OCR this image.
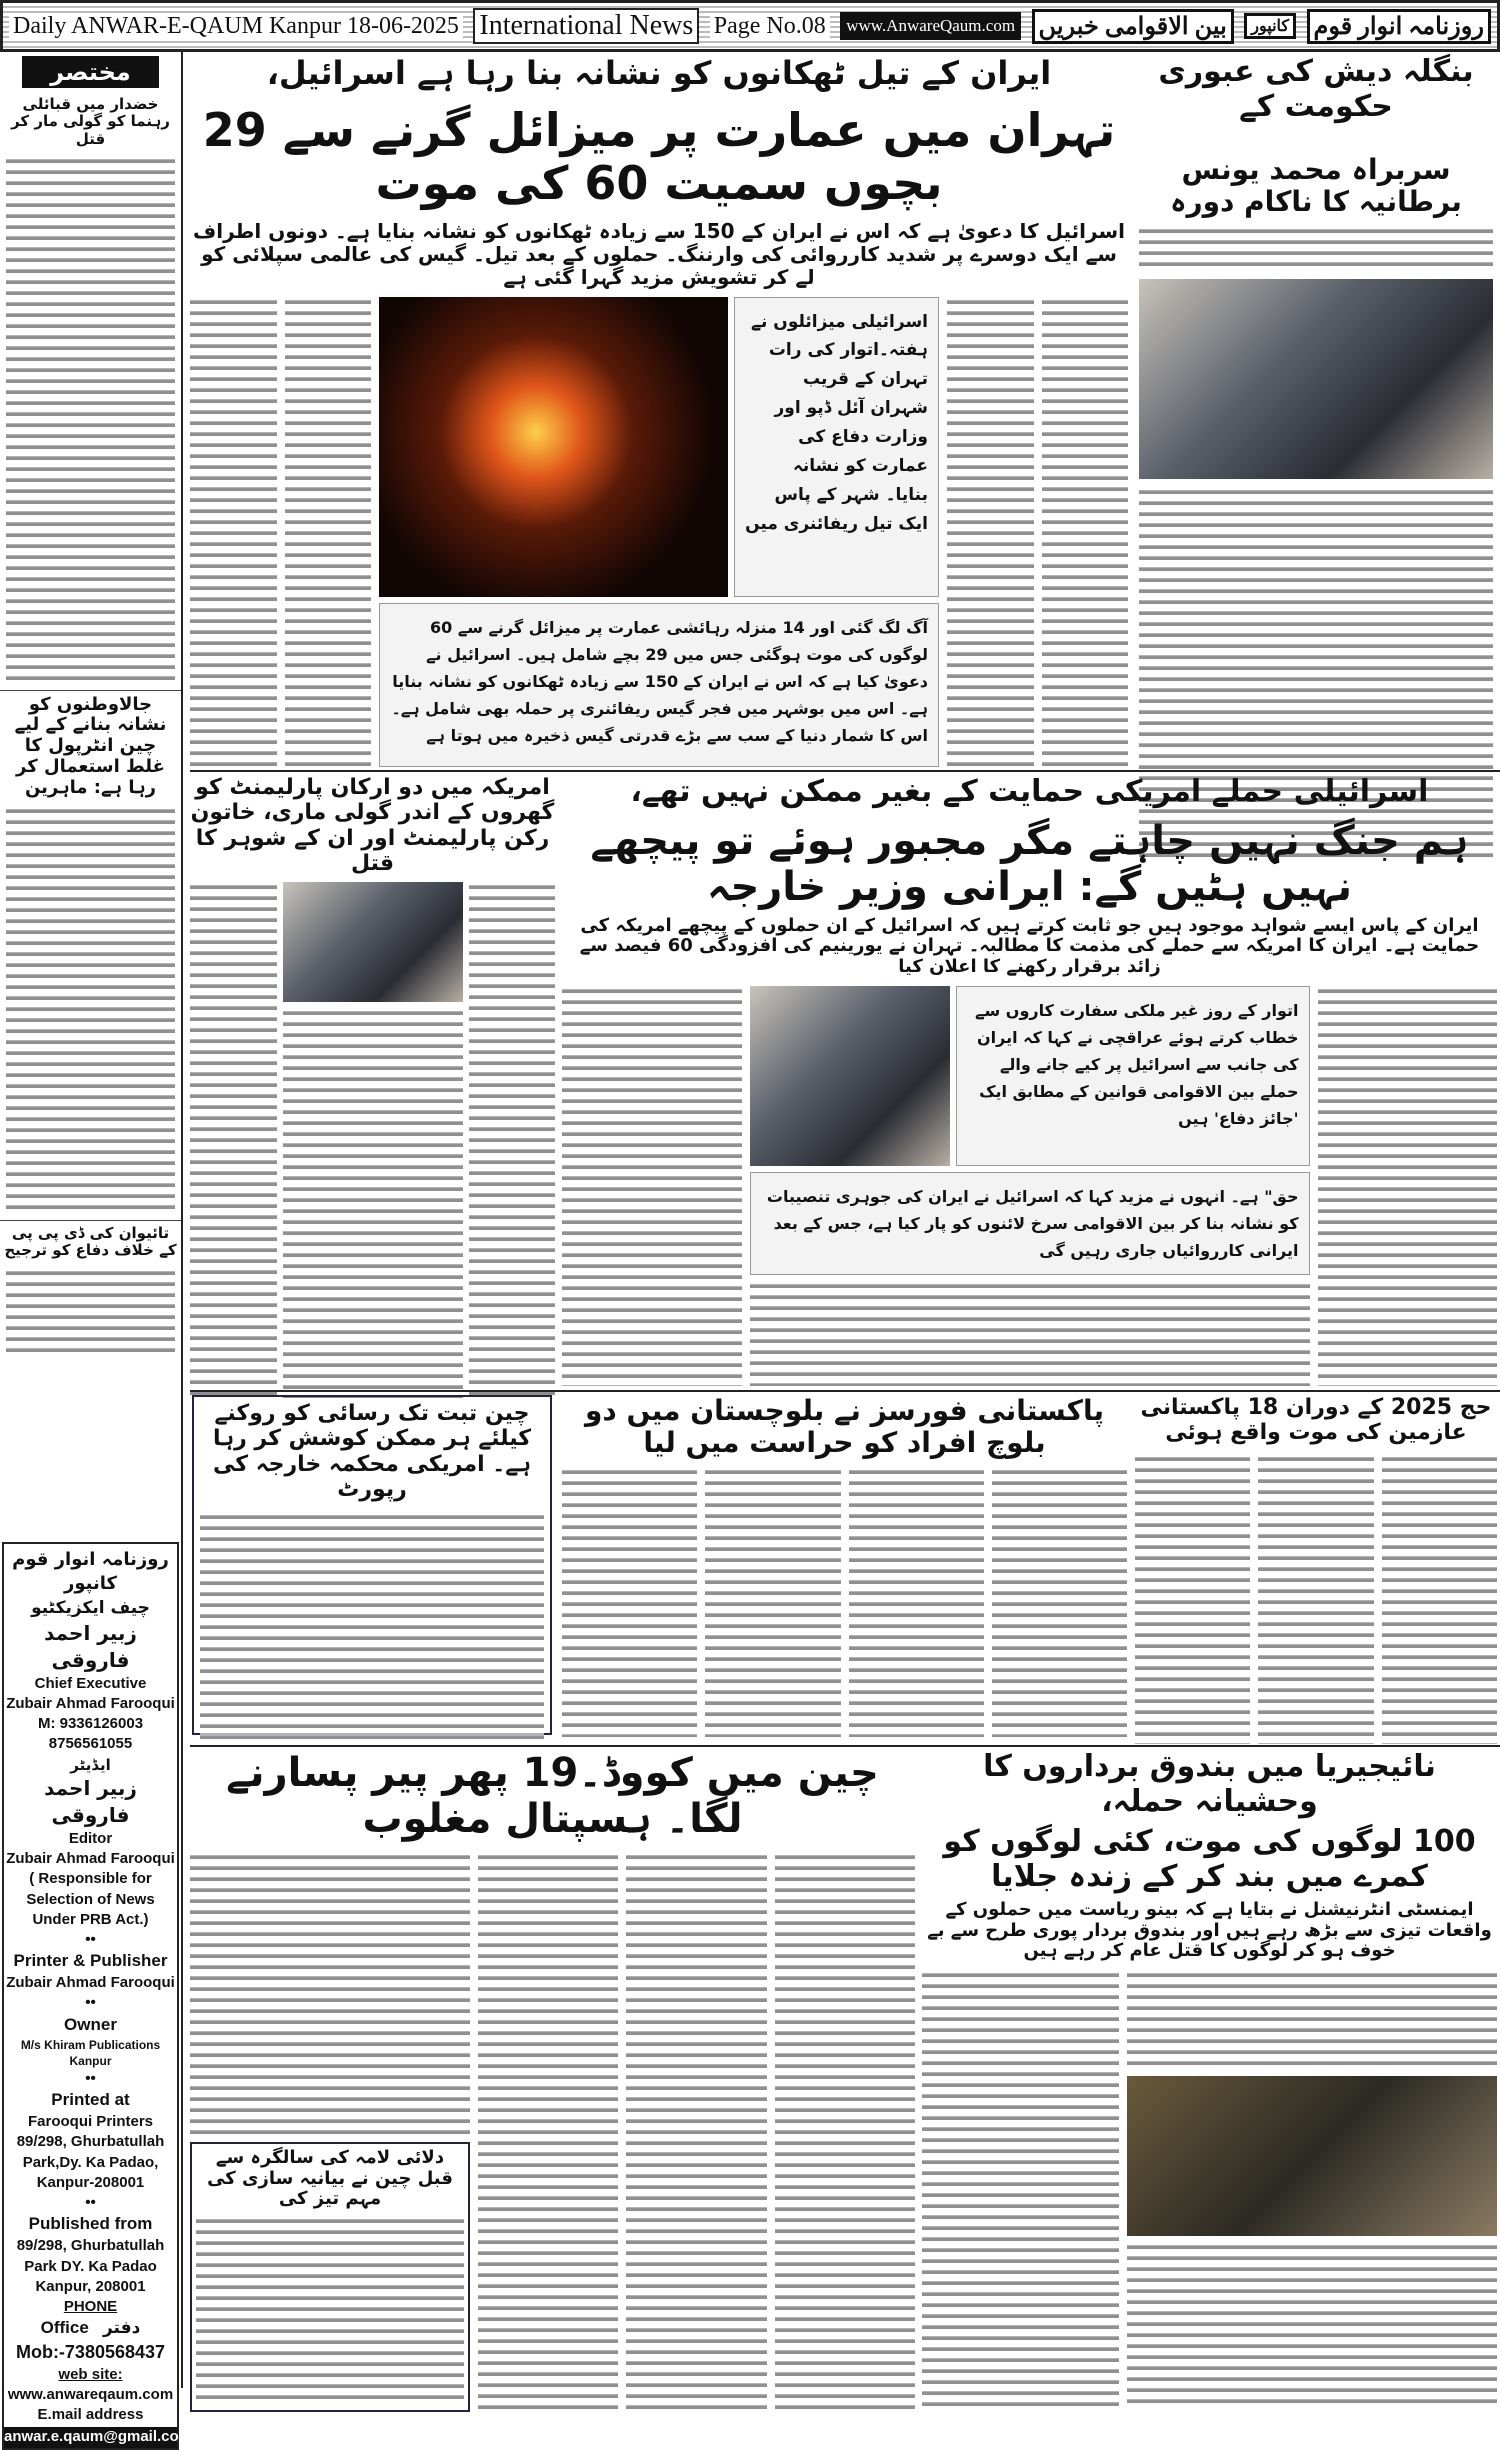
Daily ANWAR-E-QAUM Kanpur 18-06-2025 International News Page No.08	www.AnwareQaum.com بین الاقوامی خبریں	کانپور روزنامہ انوار قوم
مختصر
خضدار میں قبائلی رہنما کو گولی مار کر قتل
جالاوطنوں کو نشانہ بنانے کے لیے چین انٹرپول کا غلط استعمال کر رہا ہے: ماہرین
تائیوان کی ڈی پی پی کے خلاف دفاع کو ترجیح
روزنامہ انوار قوم کانپور
چیف ایکزیکٹیو
زبیر احمد فاروقی
Chief Executive
Zubair Ahmad Farooqui
M: 9336126003
8756561055
ایڈیٹر
زبیر احمد فاروقی
Editor
Zubair Ahmad Farooqui
( Responsible for Selection of News Under PRB Act.)
••
Printer & Publisher
Zubair Ahmad Farooqui
••
Owner
M/s Khiram Publications Kanpur
••
Printed at
Farooqui Printers 89/298, Ghurbatullah Park,Dy. Ka Padao, Kanpur-208001
••
Published from
89/298, Ghurbatullah Park DY. Ka Padao Kanpur, 208001
PHONE
Office دفتر
Mob:-7380568437
web site:
www.anwareqaum.com
E.mail address
anwar.e.qaum@gmail.com
بنگلہ دیش کی عبوری حکومت کے
سربراہ محمد یونس برطانیہ کا ناکام دورہ
ایران کے تیل ٹھکانوں کو نشانہ بنا رہا ہے اسرائیل،
تہران میں عمارت پر میزائل گرنے سے 29 بچوں سمیت 60 کی موت
اسرائیل کا دعویٰ ہے کہ اس نے ایران کے 150 سے زیادہ ٹھکانوں کو نشانہ بنایا ہے۔ دونوں اطراف سے ایک دوسرے پر شدید کارروائی کی وارننگ۔ حملوں کے بعد تیل۔ گیس کی عالمی سپلائی کو لے کر تشویش مزید گہرا گئی ہے
اسرائیلی میزائلوں نے ہفتہ۔اتوار کی رات تہران کے قریب شہران آئل ڈپو اور وزارت دفاع کی عمارت کو نشانہ بنایا۔ شہر کے پاس ایک تیل ریفائنری میں
آگ لگ گئی اور 14 منزلہ رہائشی عمارت پر میزائل گرنے سے 60 لوگوں کی موت ہوگئی جس میں 29 بچے شامل ہیں۔ اسرائیل نے دعویٰ کیا ہے کہ اس نے ایران کے 150 سے زیادہ ٹھکانوں کو نشانہ بنایا ہے۔ اس میں بوشہر میں فجر گیس ریفائنری پر حملہ بھی شامل ہے۔ اس کا شمار دنیا کے سب سے بڑے قدرتی گیس ذخیرہ میں ہوتا ہے
امریکہ میں دو ارکان پارلیمنٹ کو گھروں کے اندر گولی ماری، خاتون رکن پارلیمنٹ اور ان کے شوہر کا قتل
اسرائیلی حملے امریکی حمایت کے بغیر ممکن نہیں تھے،
ہم جنگ نہیں چاہتے مگر مجبور ہوئے تو پیچھے نہیں ہٹیں گے: ایرانی وزیر خارجہ
ایران کے پاس ایسے شواہد موجود ہیں جو ثابت کرتے ہیں کہ اسرائیل کے ان حملوں کے پیچھے امریکہ کی حمایت ہے۔ ایران کا امریکہ سے حملے کی مذمت کا مطالبہ۔ تہران نے یورینیم کی افزودگی 60 فیصد سے زائد برقرار رکھنے کا اعلان کیا
اتوار کے روز غیر ملکی سفارت کاروں سے خطاب کرتے ہوئے عراقچی نے کہا کہ ایران کی جانب سے اسرائیل پر کیے جانے والے حملے بین الاقوامی قوانین کے مطابق ایک 'جائز دفاع' ہیں
حق" ہے۔ انہوں نے مزید کہا کہ اسرائیل نے ایران کی جوہری تنصیبات کو نشانہ بنا کر بین الاقوامی سرخ لائنوں کو پار کیا ہے، جس کے بعد ایرانی کارروائیاں جاری رہیں گی
چین تبت تک رسائی کو روکنے کیلئے ہر ممکن کوشش کر رہا ہے۔ امریکی محکمہ خارجہ کی رپورٹ
پاکستانی فورسز نے بلوچستان میں دو بلوچ افراد کو حراست میں لیا
حج 2025 کے دوران 18 پاکستانی عازمین کی موت واقع ہوئی
چین میں کووڈ۔19 پھر پیر پسارنے لگا۔ ہسپتال مغلوب
دلائی لامہ کی سالگرہ سے قبل چین نے بیانیہ سازی کی مہم تیز کی
نائیجیریا میں بندوق برداروں کا وحشیانہ حملہ،
100 لوگوں کی موت، کئی لوگوں کو کمرے میں بند کر کے زندہ جلایا
ایمنسٹی انٹرنیشنل نے بتایا ہے کہ بینو ریاست میں حملوں کے واقعات تیزی سے بڑھ رہے ہیں اور بندوق بردار پوری طرح سے بے خوف ہو کر لوگوں کا قتل عام کر رہے ہیں
